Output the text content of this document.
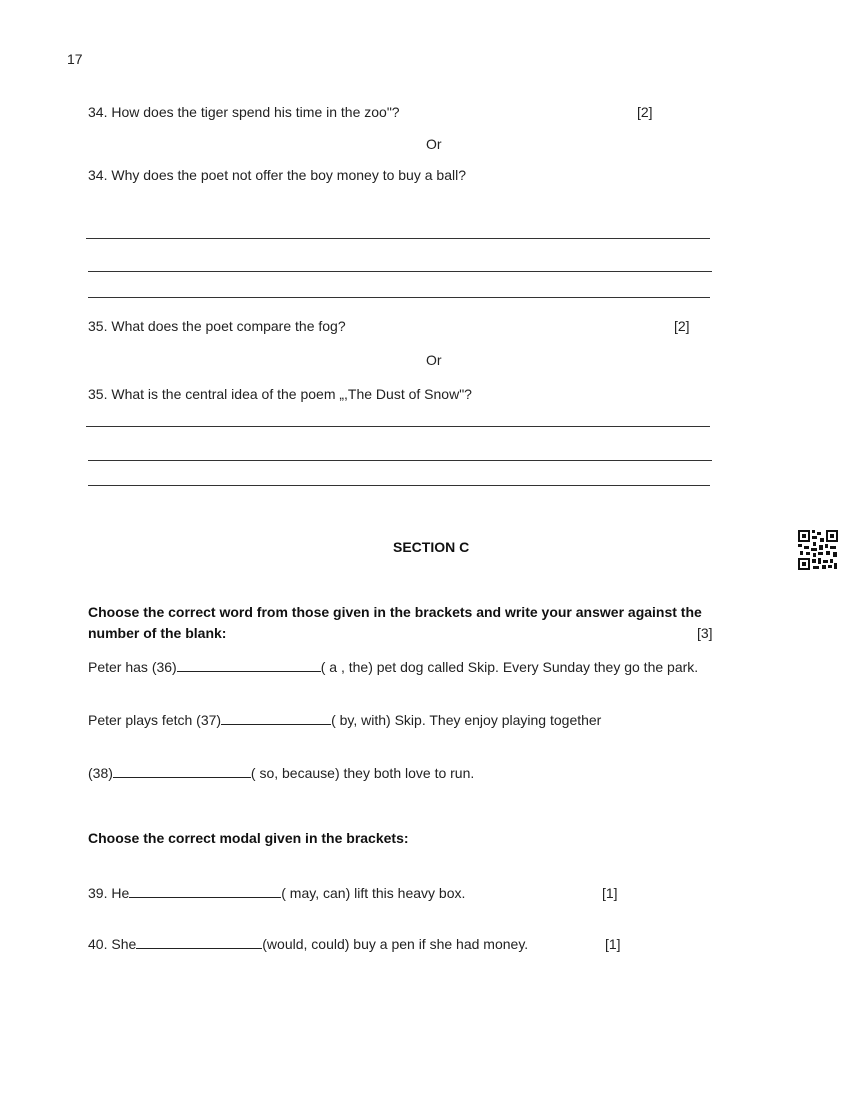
17
34. How does the tiger spend his time in the zoo"?	[2]
Or
34. Why does the poet not offer the boy money to buy a ball?
35. What does the poet compare the fog?	[2]
Or
35. What is the central idea of the poem „,The Dust of Snow"?
SECTION C
Choose the correct word from those given in the brackets and write your answer against the
number of the blank:	[3]
Peter has (36)	( a , the) pet dog called Skip. Every Sunday they go the park.
Peter plays fetch (37)	( by, with) Skip. They enjoy playing together
(38)	( so, because) they both love to run.
Choose the correct modal given in the brackets:
39. He	( may, can) lift this heavy box.	[1]
40. She	(would, could) buy a pen if she had money.	[1]
